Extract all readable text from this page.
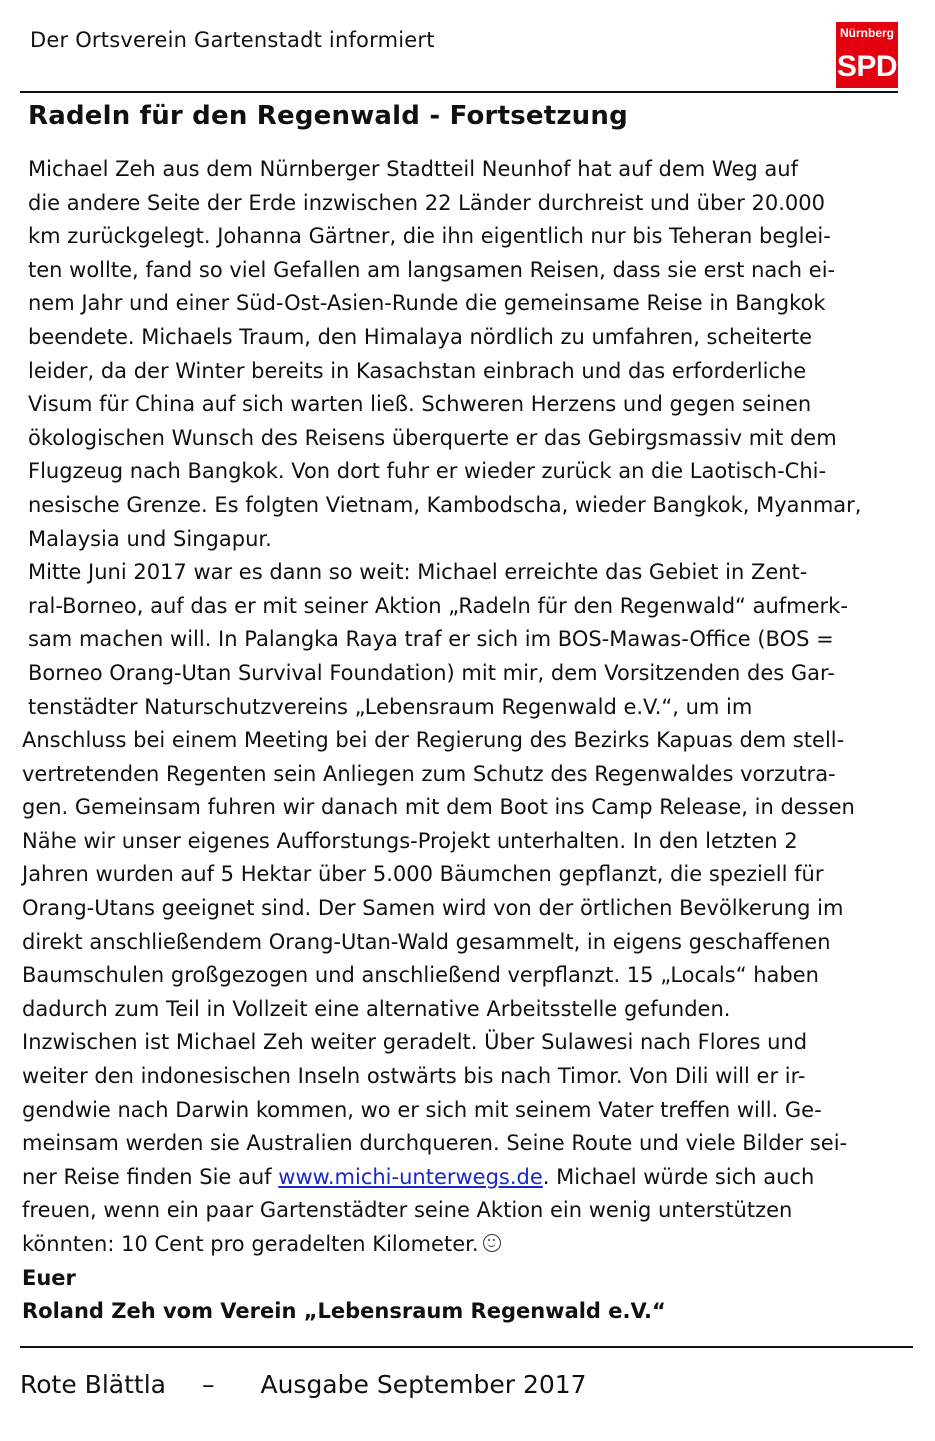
Der Ortsverein Gartenstadt informiert	Nürnberg
SPD
Radeln für den Regenwald - Fortsetzung
Michael Zeh aus dem Nürnberger Stadtteil Neunhof hat auf dem Weg auf
die andere Seite der Erde inzwischen 22 Länder durchreist und über 20.000
km zurückgelegt. Johanna Gärtner, die ihn eigentlich nur bis Teheran beglei-
ten wollte, fand so viel Gefallen am langsamen Reisen, dass sie erst nach ei-
nem Jahr und einer Süd-Ost-Asien-Runde die gemeinsame Reise in Bangkok
beendete. Michaels Traum, den Himalaya nördlich zu umfahren, scheiterte
leider, da der Winter bereits in Kasachstan einbrach und das erforderliche
Visum für China auf sich warten ließ. Schweren Herzens und gegen seinen
ökologischen Wunsch des Reisens überquerte er das Gebirgsmassiv mit dem
Flugzeug nach Bangkok. Von dort fuhr er wieder zurück an die Laotisch-Chi-
nesische Grenze. Es folgten Vietnam, Kambodscha, wieder Bangkok, Myanmar,
Malaysia und Singapur.
Mitte Juni 2017 war es dann so weit: Michael erreichte das Gebiet in Zent-
ral-Borneo, auf das er mit seiner Aktion „Radeln für den Regenwald“ aufmerk-
sam machen will. In Palangka Raya traf er sich im BOS-Mawas-Office (BOS =
Borneo Orang-Utan Survival Foundation) mit mir, dem Vorsitzenden des Gar-
tenstädter Naturschutzvereins „Lebensraum Regenwald e.V.“, um im
Anschluss bei einem Meeting bei der Regierung des Bezirks Kapuas dem stell-
vertretenden Regenten sein Anliegen zum Schutz des Regenwaldes vorzutra-
gen. Gemeinsam fuhren wir danach mit dem Boot ins Camp Release, in dessen
Nähe wir unser eigenes Aufforstungs-Projekt unterhalten. In den letzten 2
Jahren wurden auf 5 Hektar über 5.000 Bäumchen gepflanzt, die speziell für
Orang-Utans geeignet sind. Der Samen wird von der örtlichen Bevölkerung im
direkt anschließendem Orang-Utan-Wald gesammelt, in eigens geschaffenen
Baumschulen großgezogen und anschließend verpflanzt. 15 „Locals“ haben
dadurch zum Teil in Vollzeit eine alternative Arbeitsstelle gefunden.
Inzwischen ist Michael Zeh weiter geradelt. Über Sulawesi nach Flores und
weiter den indonesischen Inseln ostwärts bis nach Timor. Von Dili will er ir-
gendwie nach Darwin kommen, wo er sich mit seinem Vater treffen will. Ge-
meinsam werden sie Australien durchqueren. Seine Route und viele Bilder sei-
ner Reise finden Sie auf www.michi-unterwegs.de. Michael würde sich auch
freuen, wenn ein paar Gartenstädter seine Aktion ein wenig unterstützen
könnten: 10 Cent pro geradelten Kilometer.
Euer
Roland Zeh vom Verein „Lebensraum Regenwald e.V.“
Rote Blättla – Ausgabe September 2017
